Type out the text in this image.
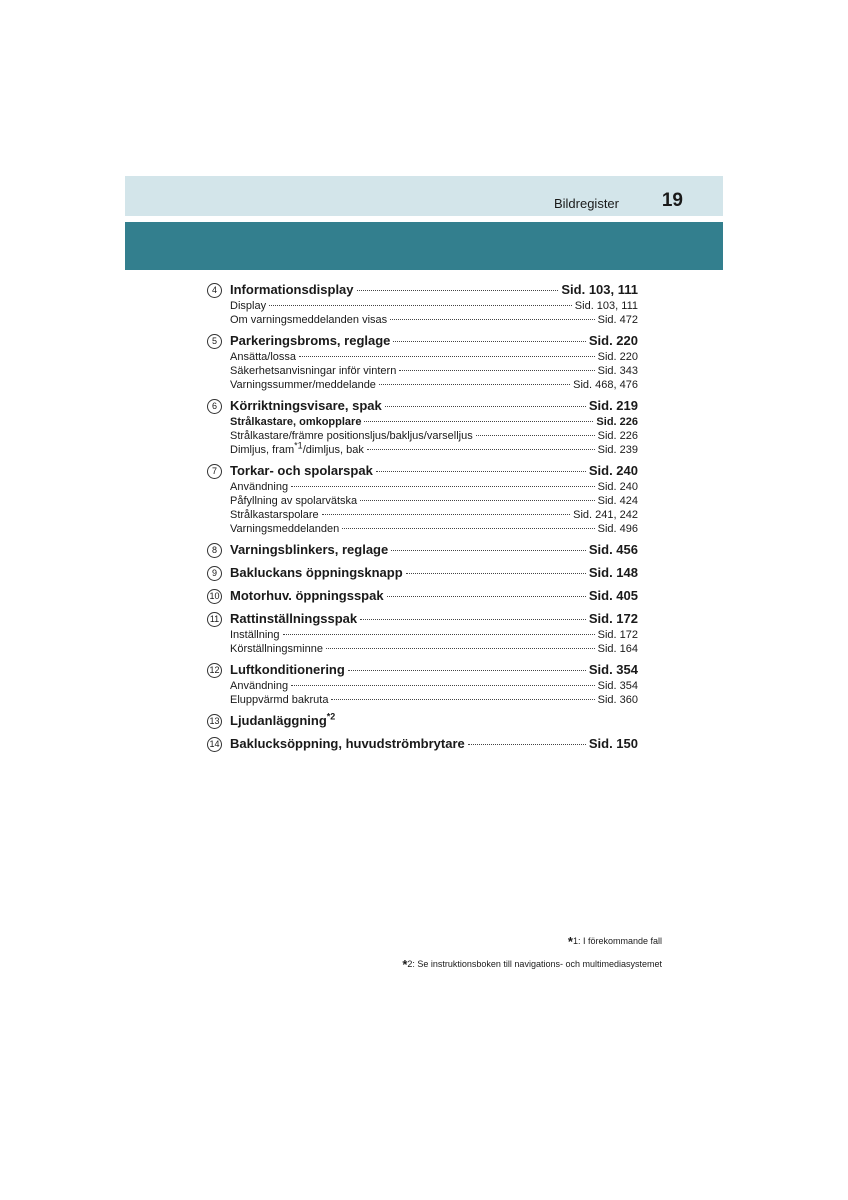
Bildregister 19
4	Informationsdisplay	Sid. 103, 111
Display	Sid. 103, 111
Om varningsmeddelanden visas	Sid. 472
5	Parkeringsbroms, reglage	Sid. 220
Ansätta/lossa	Sid. 220
Säkerhetsanvisningar inför vintern	Sid. 343
Varningssummer/meddelande	Sid. 468, 476
6	Körriktningsvisare, spak	Sid. 219
Strålkastare, omkopplare	Sid. 226
Strålkastare/främre positionsljus/bakljus/varselljus	Sid. 226
Dimljus, fram$^{*1}$/dimljus, bak	Sid. 239
7	Torkar- och spolarspak	Sid. 240
Användning	Sid. 240
Påfyllning av spolarvätska	Sid. 424
Strålkastarspolare	Sid. 241, 242
Varningsmeddelanden	Sid. 496
8	Varningsblinkers, reglage	Sid. 456
9	Bakluckans öppningsknapp	Sid. 148
10 Motorhuv. öppningsspak	Sid. 405
11 Rattinställningsspak	Sid. 172
Inställning	Sid. 172
Körställningsminne	Sid. 164
12 Luftkonditionering	Sid. 354
Användning	Sid. 354
Eluppvärmd bakruta	Sid. 360
13 Ljudanläggning$^{*2}$
14 Baklucksöppning, huvudströmbrytare	Sid. 150
*1: I förekommande fall
*2: Se instruktionsboken till navigations- och multimediasystemet
